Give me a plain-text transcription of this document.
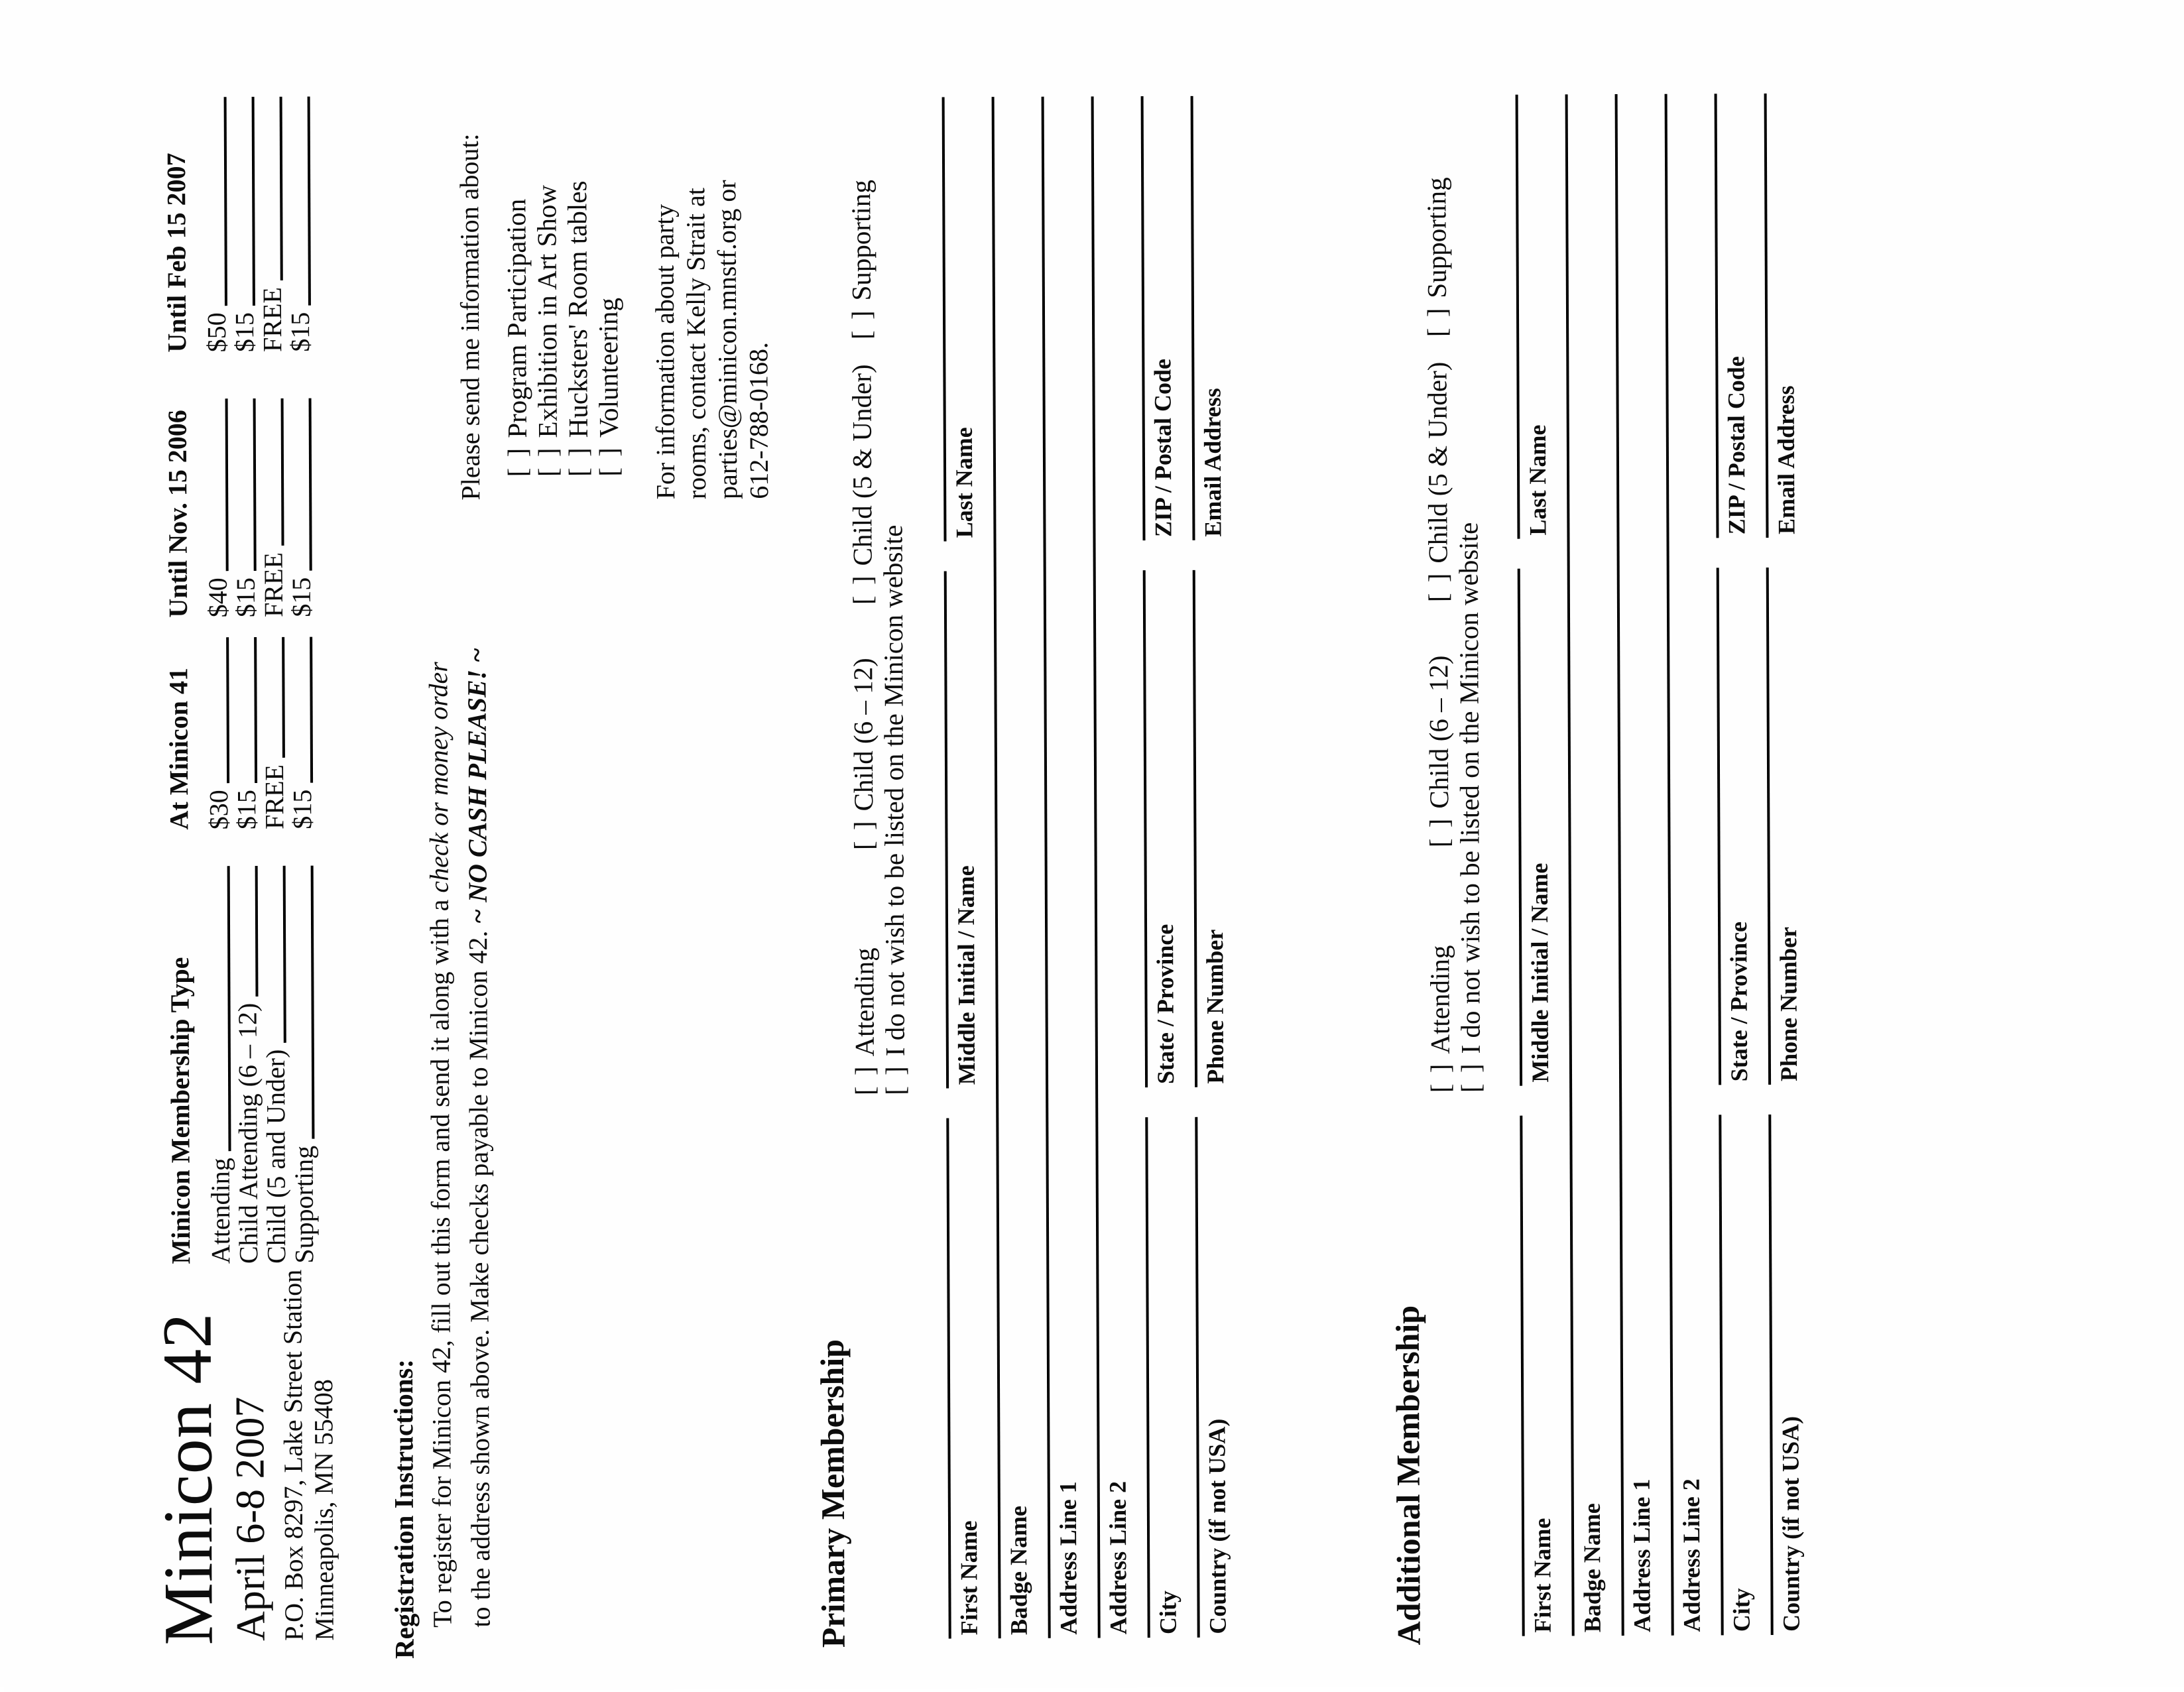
Minicon 42 April 6-8 2007 P.O. Box 8297, Lake Street Station Minneapolis, MN 55408
Minicon Membership Type
At Minicon 41
Until Nov. 15 2006
Until Feb 15 2007
Attending
$30
$40
$50
Child Attending (6 – 12)
$15
$15
$15
Child (5 and Under)
FREE
FREE
FREE
Supporting
$15
$15
$15
Registration Instructions: To register for Minicon 42, fill out this form and send it along with a check or money order
to the address shown above. Make checks payable to Minicon 42. ~ NO CASH PLEASE! ~
Please send me information about: [ ]Program Participation
[ ]Exhibition in Art Show
[ ]Hucksters' Room tables
[ ]Volunteering For information about party rooms, contact Kelly Strait at parties@minicon.mnstf.org or 612-788-0168.
Primary Membership
[ ]Attending
[ ]Child (6 – 12)
[ ]Child (5 & Under)
[ ]Supporting
[ ]I do not wish to be listed on the Minicon website
First Name
Middle Initial / Name
Last Name
Badge Name Address Line 1 Address Line 2 City
State / Province
ZIP / Postal Code
Country (if not USA)
Phone Number
Email Address
Additional Membership
[ ]Attending
[ ]Child (6 – 12)
[ ]Child (5 & Under)
[ ]Supporting
[ ]I do not wish to be listed on the Minicon website
First Name
Middle Initial / Name
Last Name
Badge Name Address Line 1 Address Line 2 City
State / Province
ZIP / Postal Code
Country (if not USA)
Phone Number
Email Address
